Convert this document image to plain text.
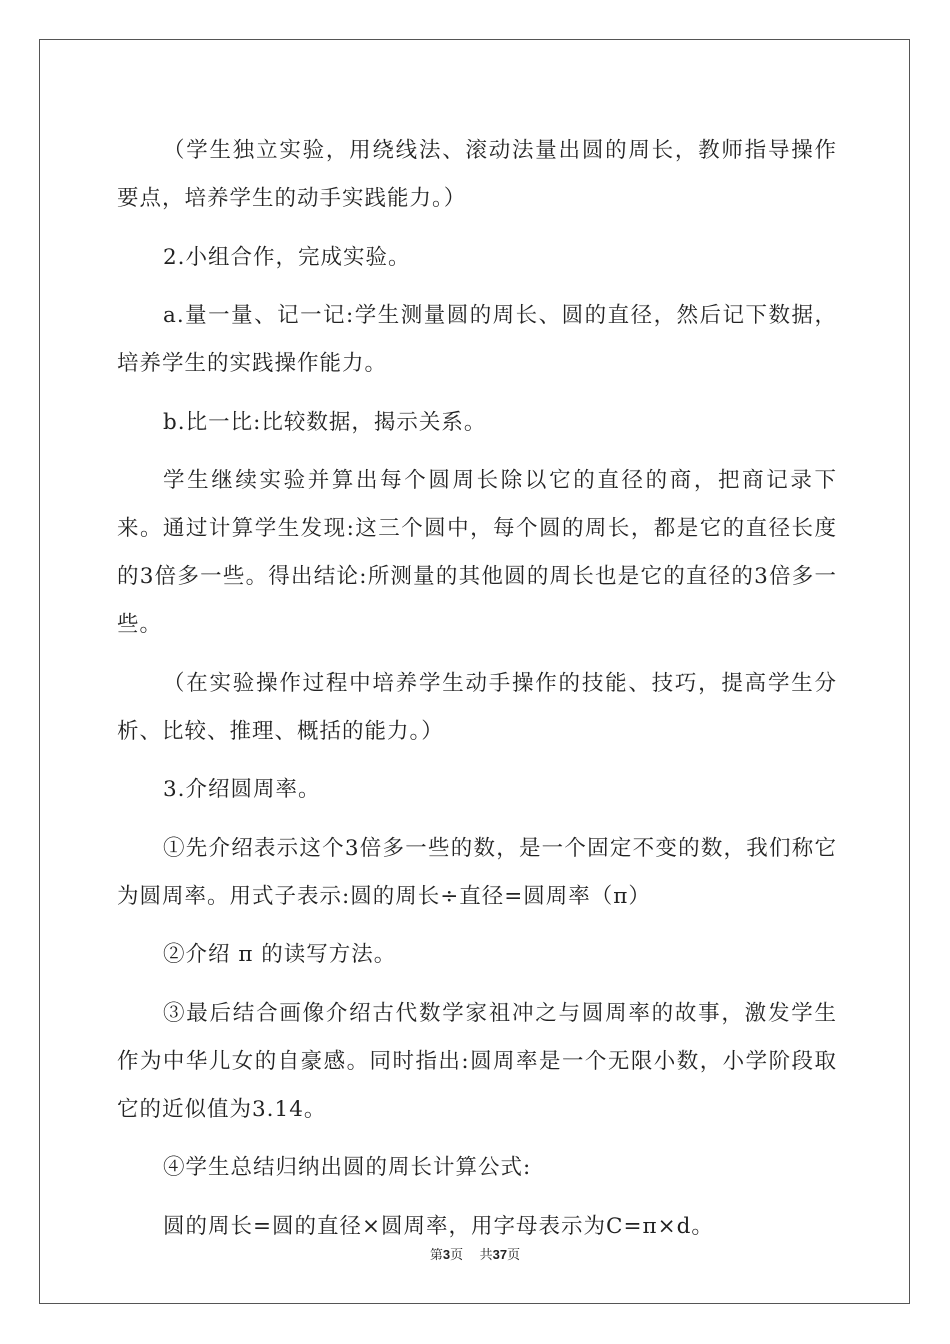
（学生独立实验，用绕线法、滚动法量出圆的周长，教师指导操作要点，培养学生的动手实践能力。）

2.小组合作，完成实验。

a.量一量、记一记:学生测量圆的周长、圆的直径，然后记下数据，培养学生的实践操作能力。

b.比一比:比较数据，揭示关系。

学生继续实验并算出每个圆周长除以它的直径的商，把商记录下来。通过计算学生发现:这三个圆中，每个圆的周长，都是它的直径长度的3倍多一些。得出结论:所测量的其他圆的周长也是它的直径的3倍多一些。

（在实验操作过程中培养学生动手操作的技能、技巧，提高学生分析、比较、推理、概括的能力。）

3.介绍圆周率。

①先介绍表示这个3倍多一些的数，是一个固定不变的数，我们称它为圆周率。用式子表示:圆的周长÷直径=圆周率（π）

②介绍 π 的读写方法。

③最后结合画像介绍古代数学家祖冲之与圆周率的故事，激发学生作为中华儿女的自豪感。同时指出:圆周率是一个无限小数，小学阶段取它的近似值为3.14。

④学生总结归纳出圆的周长计算公式:

圆的周长=圆的直径×圆周率，用字母表示为C=π×d。

第3页 共37页
